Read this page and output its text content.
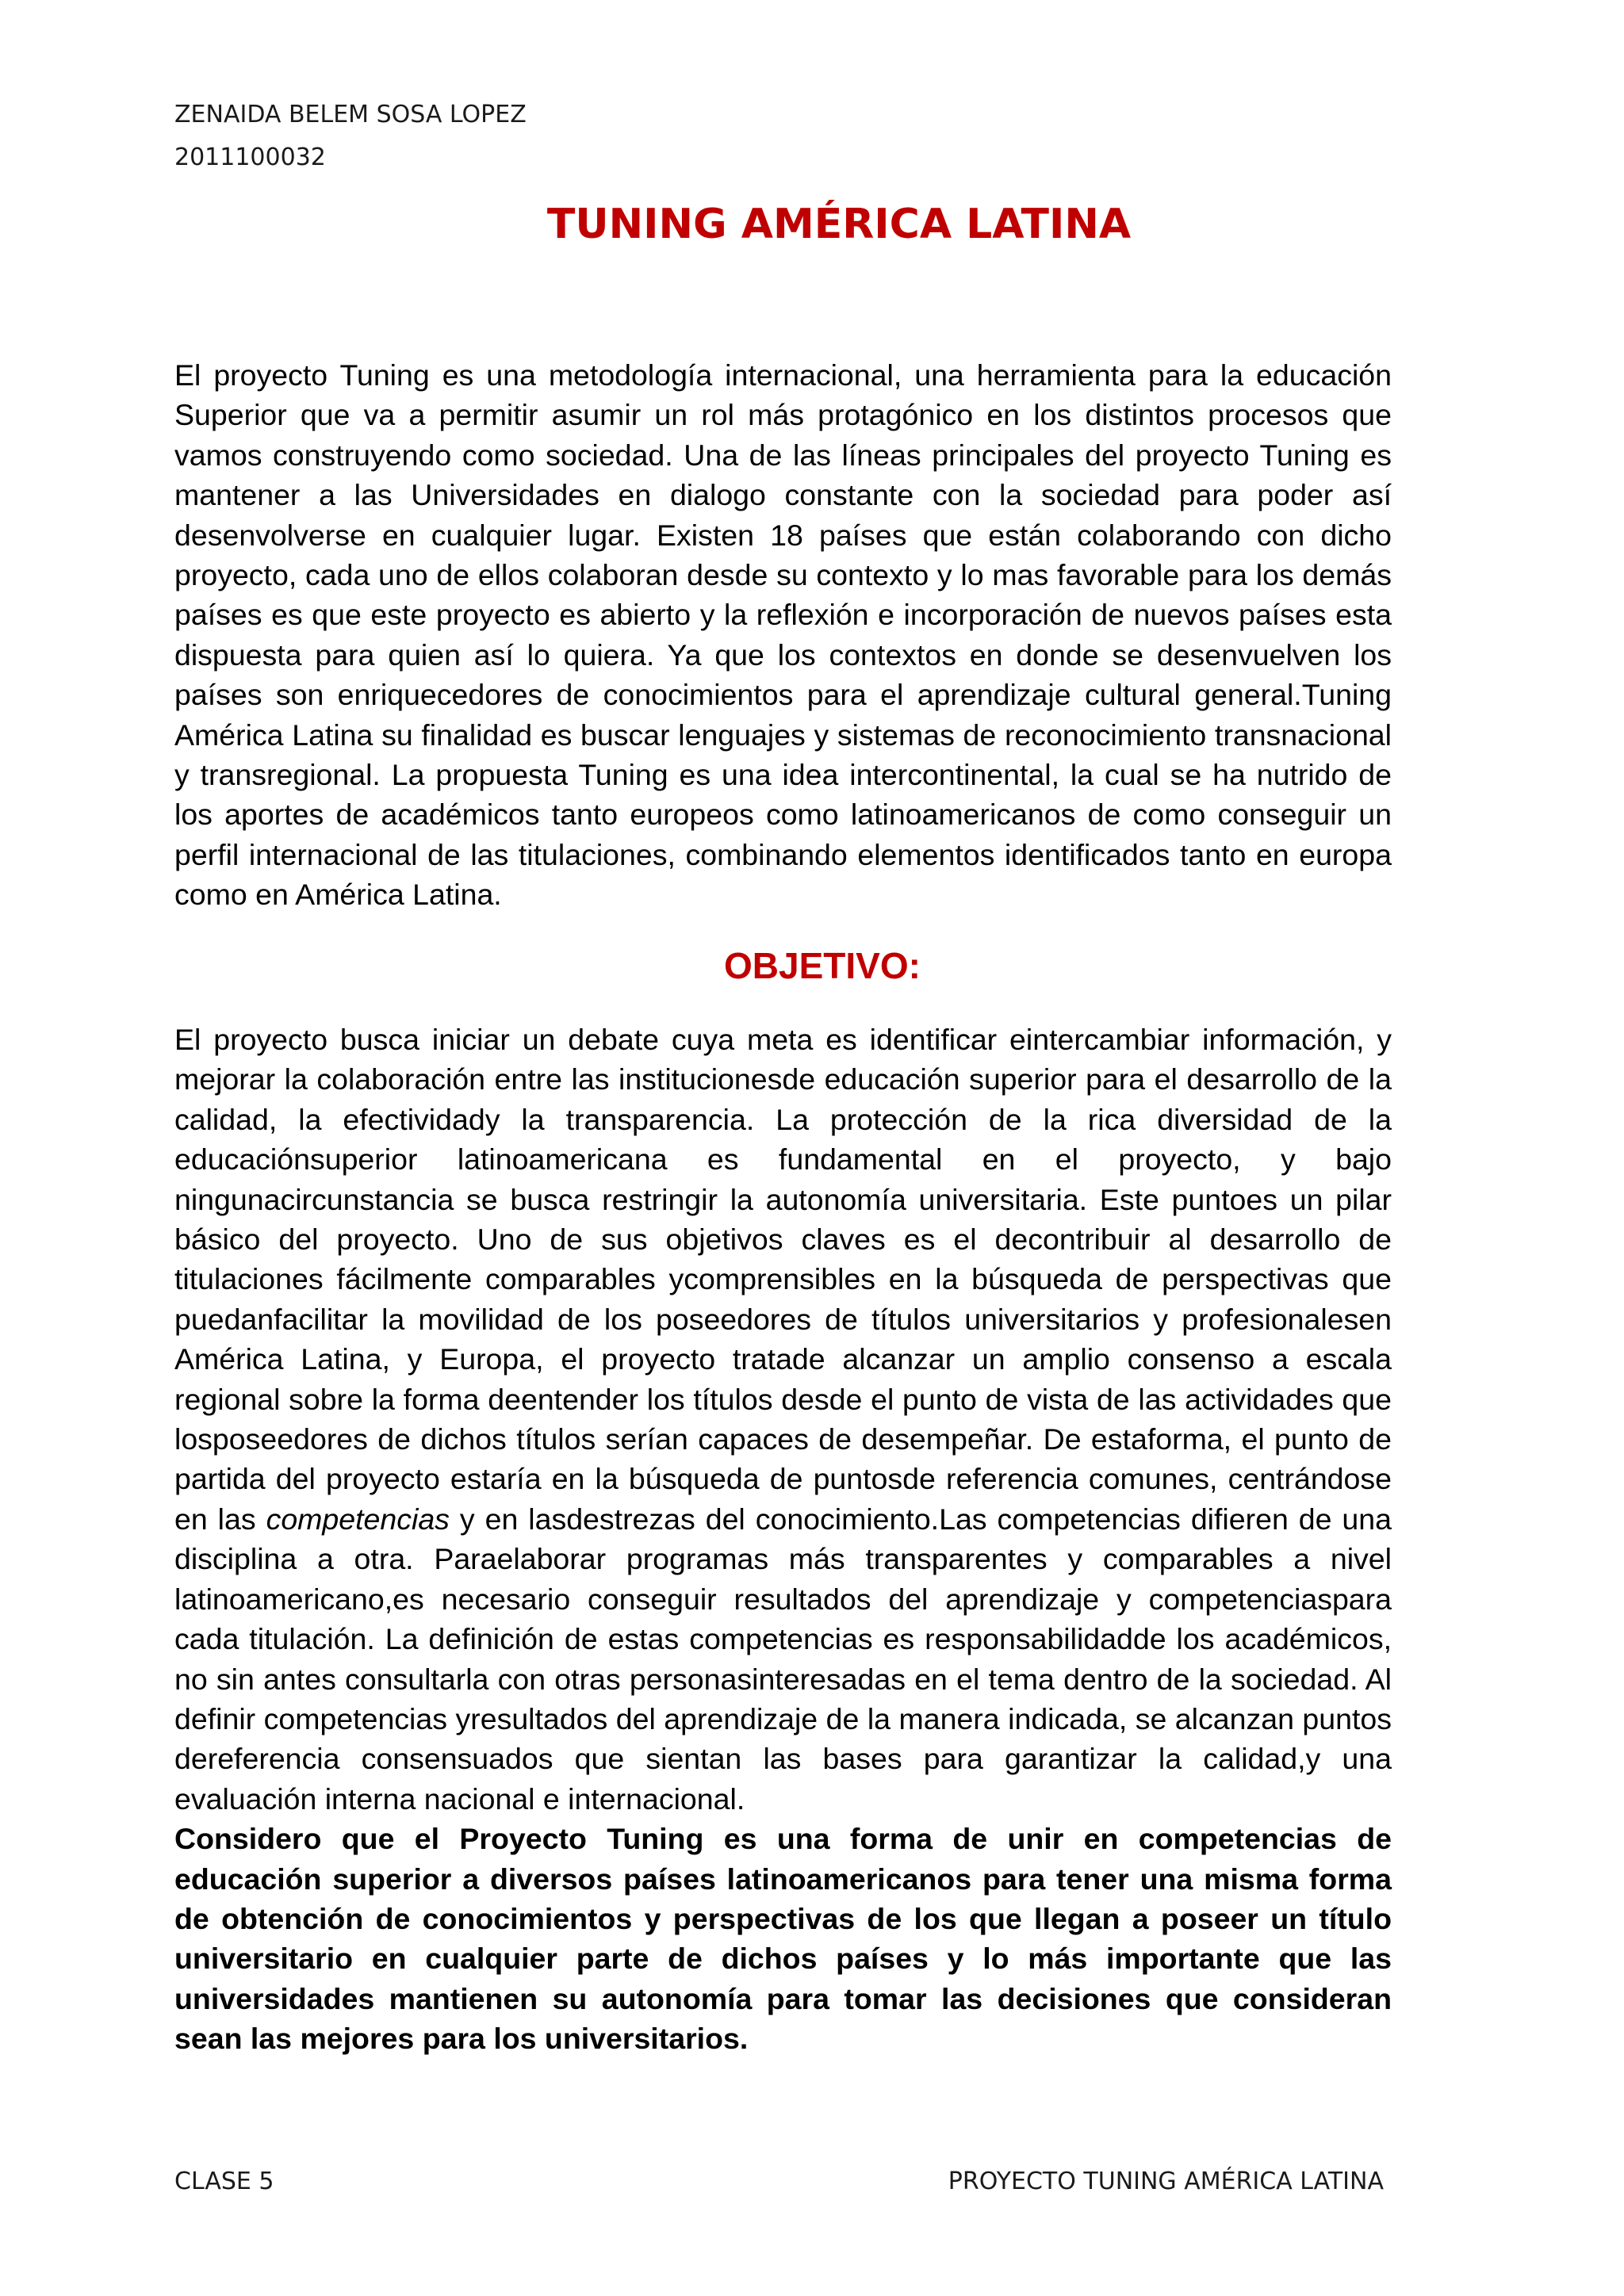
ZENAIDA BELEM SOSA LOPEZ
2011100032
TUNING AMÉRICA LATINA

El proyecto Tuning es una metodología internacional, una herramienta para la educación Superior que va a permitir asumir un rol más protagónico en los distintos procesos que vamos construyendo como sociedad. Una de las líneas principales del proyecto Tuning es mantener a las Universidades en dialogo constante con la sociedad para poder así desenvolverse en cualquier lugar. Existen 18 países que están colaborando con dicho proyecto, cada uno de ellos colaboran desde su contexto y lo mas favorable para los demás países es que este proyecto es abierto y la reflexión e incorporación de nuevos países esta dispuesta para quien así lo quiera. Ya que los contextos en donde se desenvuelven los países son enriquecedores de conocimientos para el aprendizaje cultural general.Tuning América Latina su finalidad es buscar lenguajes y sistemas de reconocimiento transnacional y transregional. La propuesta Tuning es una idea intercontinental, la cual se ha nutrido de los aportes de académicos tanto europeos como latinoamericanos de como conseguir un perfil internacional de las titulaciones, combinando elementos identificados tanto en europa como en América Latina.

OBJETIVO:

El proyecto busca iniciar un debate cuya meta es identificar eintercambiar información, y mejorar la colaboración entre las institucionesde educación superior para el desarrollo de la calidad, la efectividady la transparencia. La protección de la rica diversidad de la educaciónsuperior latinoamericana es fundamental en el proyecto, y bajo ningunacircunstancia se busca restringir la autonomía universitaria. Este puntoes un pilar básico del proyecto. Uno de sus objetivos claves es el decontribuir al desarrollo de titulaciones fácilmente comparables ycomprensibles en la búsqueda de perspectivas que puedanfacilitar la movilidad de los poseedores de títulos universitarios y profesionalesen América Latina, y Europa, el proyecto tratade alcanzar un amplio consenso a escala regional sobre la forma deentender los títulos desde el punto de vista de las actividades que losposeedores de dichos títulos serían capaces de desempeñar. De estaforma, el punto de partida del proyecto estaría en la búsqueda de puntosde referencia comunes, centrándose en las competencias y en lasdestrezas del conocimiento.Las competencias difieren de una disciplina a otra. Paraelaborar programas más transparentes y comparables a nivel latinoamericano,es necesario conseguir resultados del aprendizaje y competenciaspara cada titulación. La definición de estas competencias es responsabilidadde los académicos, no sin antes consultarla con otras personasinteresadas en el tema dentro de la sociedad. Al definir competencias yresultados del aprendizaje de la manera indicada, se alcanzan puntos dereferencia consensuados que sientan las bases para garantizar la calidad,y una evaluación interna nacional e internacional.

Considero que el Proyecto Tuning es una forma de unir en competencias de educación superior a diversos países latinoamericanos para tener una misma forma de obtención de conocimientos y perspectivas de los que llegan a poseer un título universitario en cualquier parte de dichos países y lo más importante que las universidades mantienen su autonomía para tomar las decisiones que consideran sean las mejores para los universitarios.

CLASE 5	PROYECTO TUNING AMÉRICA LATINA
